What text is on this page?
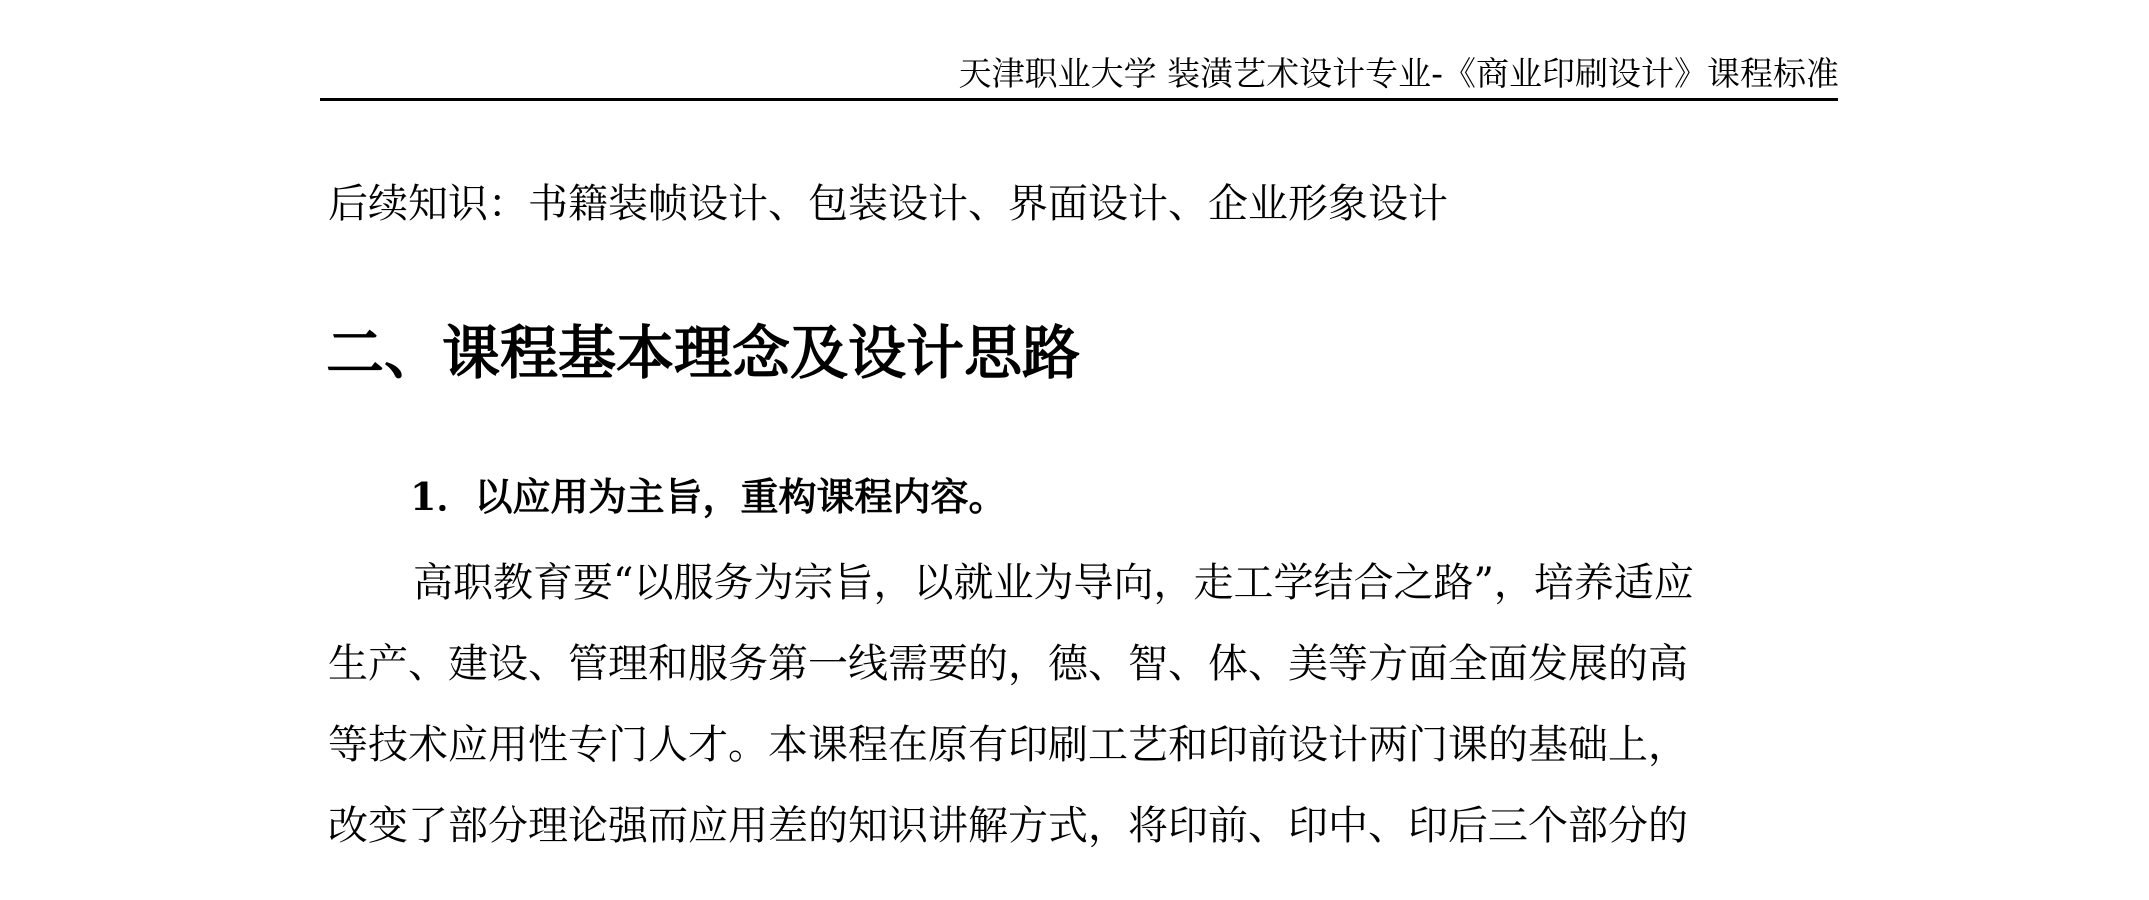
天津职业大学 装潢艺术设计专业-《商业印刷设计》课程标准
后续知识：书籍装帧设计、包装设计、界面设计、企业形象设计
二、课程基本理念及设计思路
1．以应用为主旨，重构课程内容。
高职教育要“以服务为宗旨，以就业为导向，走工学结合之路”，培养适应
生产、建设、管理和服务第一线需要的，德、智、体、美等方面全面发展的高
等技术应用性专门人才。本课程在原有印刷工艺和印前设计两门课的基础上，
改变了部分理论强而应用差的知识讲解方式，将印前、印中、印后三个部分的
